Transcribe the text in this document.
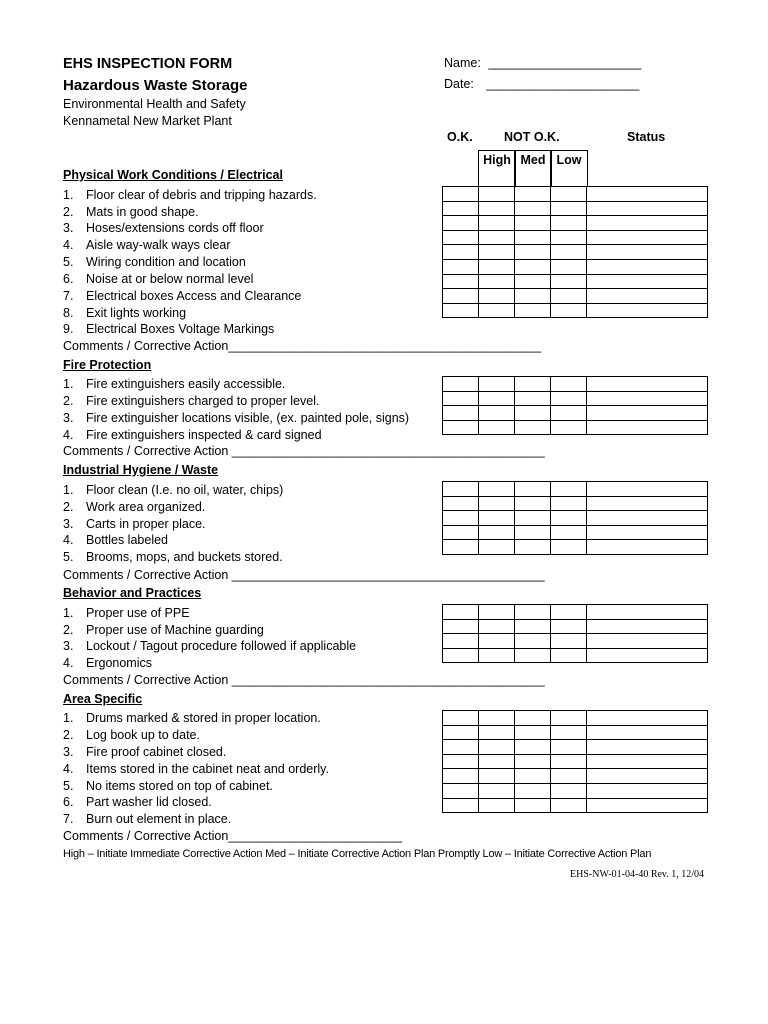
EHS INSPECTION FORM
Hazardous Waste Storage
Environmental Health and Safety
Kennametal New Market Plant
Name: ______________________
Date: ______________________
O.K.	NOT O.K.	Status
High Med Low
Physical Work Conditions / Electrical
1. Floor clear of debris and tripping hazards.
2. Mats in good shape.
3. Hoses/extensions cords off floor
4. Aisle way-walk ways clear
5. Wiring condition and location
6. Noise at or below normal level
7. Electrical boxes Access and Clearance
8. Exit lights working
9. Electrical Boxes Voltage Markings
Comments / Corrective Action_____________________________________________

Fire Protection
1. Fire extinguishers easily accessible.
2. Fire extinguishers charged to proper level.
3. Fire extinguisher locations visible, (ex. painted pole, signs)
4. Fire extinguishers inspected & card signed
Comments / Corrective Action _____________________________________________

Industrial Hygiene / Waste
1. Floor clean (I.e. no oil, water, chips)
2. Work area organized.
3. Carts in proper place.
4. Bottles labeled
5. Brooms, mops, and buckets stored.
Comments / Corrective Action _____________________________________________

Behavior and Practices
1. Proper use of PPE
2. Proper use of Machine guarding
3. Lockout / Tagout procedure followed if applicable
4. Ergonomics
Comments / Corrective Action _____________________________________________

Area Specific
1. Drums marked & stored in proper location.
2. Log book up to date.
3. Fire proof cabinet closed.
4. Items stored in the cabinet neat and orderly.
5. No items stored on top of cabinet.
6. Part washer lid closed.
7. Burn out element in place.
Comments / Corrective Action_________________________

High – Initiate Immediate Corrective Action Med – Initiate Corrective Action Plan Promptly Low – Initiate Corrective Action Plan
EHS-NW-01-04-40 Rev. 1, 12/04
